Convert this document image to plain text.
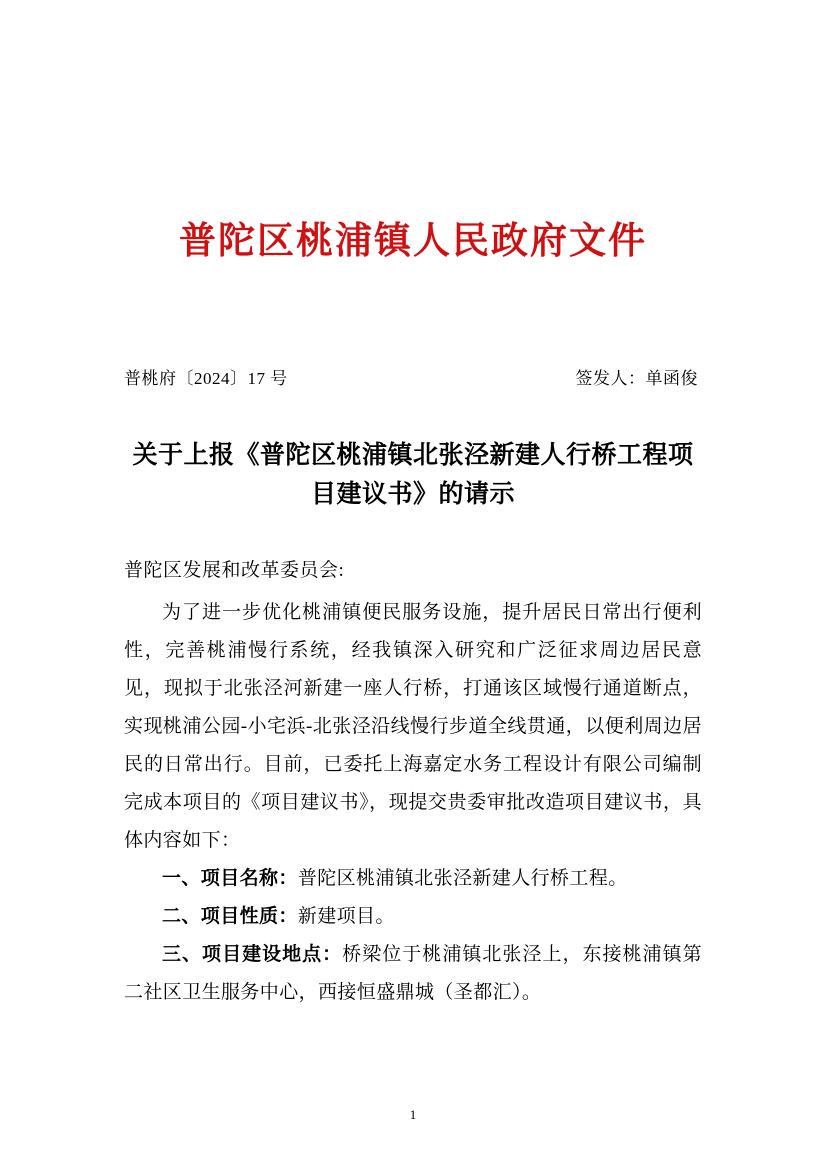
普陀区桃浦镇人民政府文件
普桃府〔2024〕17 号	签发人：单函俊
关于上报《普陀区桃浦镇北张泾新建人行桥工程项目建议书》的请示
普陀区发展和改革委员会:

为了进一步优化桃浦镇便民服务设施，提升居民日常出行便利性，完善桃浦慢行系统，经我镇深入研究和广泛征求周边居民意见，现拟于北张泾河新建一座人行桥，打通该区域慢行通道断点，实现桃浦公园-小宅浜-北张泾沿线慢行步道全线贯通，以便利周边居民的日常出行。目前，已委托上海嘉定水务工程设计有限公司编制完成本项目的《项目建议书》，现提交贵委审批改造项目建议书，具体内容如下：

一、项目名称：普陀区桃浦镇北张泾新建人行桥工程。

二、项目性质：新建项目。

三、项目建设地点：桥梁位于桃浦镇北张泾上，东接桃浦镇第二社区卫生服务中心，西接恒盛鼎城（圣都汇）。

1
